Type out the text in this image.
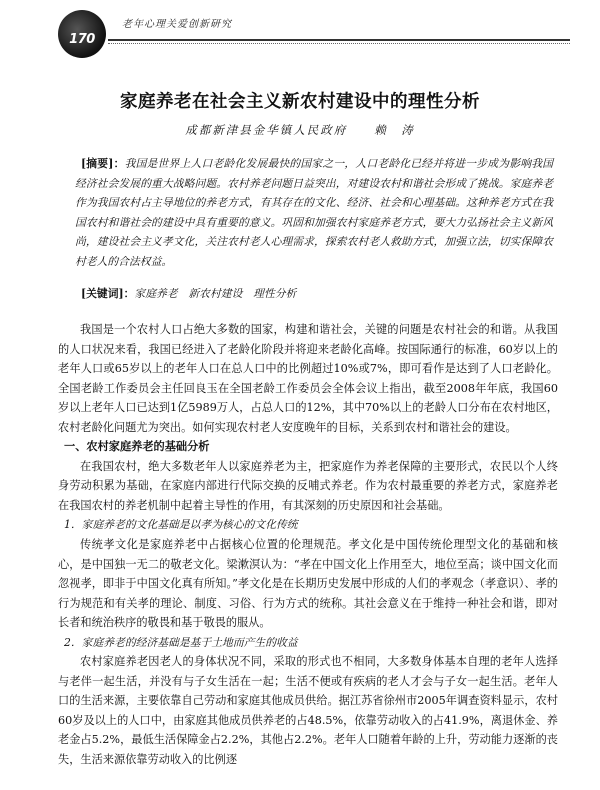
170
老年心理关爱创新研究
家庭养老在社会主义新农村建设中的理性分析
成都新津县金华镇人民政府　　赖　涛
[摘要]：我国是世界上人口老龄化发展最快的国家之一，人口老龄化已经并将进一步成为影响我国经济社会发展的重大战略问题。农村养老问题日益突出，对建设农村和谐社会形成了挑战。家庭养老作为我国农村占主导地位的养老方式，有其存在的文化、经济、社会和心理基础。这种养老方式在我国农村和谐社会的建设中具有重要的意义。巩固和加强农村家庭养老方式，要大力弘扬社会主义新风尚，建设社会主义孝文化，关注农村老人心理需求，探索农村老人救助方式，加强立法，切实保障农村老人的合法权益。
[关键词]：家庭养老　新农村建设　理性分析

我国是一个农村人口占绝大多数的国家，构建和谐社会，关键的问题是农村社会的和谐。从我国的人口状况来看，我国已经进入了老龄化阶段并将迎来老龄化高峰。按国际通行的标准，60岁以上的老年人口或65岁以上的老年人口在总人口中的比例超过10%或7%，即可看作是达到了人口老龄化。全国老龄工作委员会主任回良玉在全国老龄工作委员会全体会议上指出，截至2008年年底，我国60岁以上老年人口已达到1亿5989万人，占总人口的12%，其中70%以上的老龄人口分布在农村地区，农村老龄化问题尤为突出。如何实现农村老人安度晚年的目标，关系到农村和谐社会的建设。

一、农村家庭养老的基础分析

在我国农村，绝大多数老年人以家庭养老为主，把家庭作为养老保障的主要形式，农民以个人终身劳动积累为基础，在家庭内部进行代际交换的反哺式养老。作为农村最重要的养老方式，家庭养老在我国农村的养老机制中起着主导性的作用，有其深刻的历史原因和社会基础。

1．家庭养老的文化基础是以孝为核心的文化传统

传统孝文化是家庭养老中占据核心位置的伦理规范。孝文化是中国传统伦理型文化的基础和核心，是中国独一无二的敬老文化。梁漱溟认为：“孝在中国文化上作用至大，地位至高；谈中国文化而忽视孝，即非于中国文化真有所知。”孝文化是在长期历史发展中形成的人们的孝观念（孝意识）、孝的行为规范和有关孝的理论、制度、习俗、行为方式的统称。其社会意义在于维持一种社会和谐，即对长者和统治秩序的敬畏和基于敬畏的服从。

2．家庭养老的经济基础是基于土地而产生的收益

农村家庭养老因老人的身体状况不同，采取的形式也不相同，大多数身体基本自理的老年人选择与老伴一起生活，并没有与子女生活在一起；生活不便或有疾病的老人才会与子女一起生活。老年人口的生活来源，主要依靠自己劳动和家庭其他成员供给。据江苏省徐州市2005年调查资料显示，农村60岁及以上的人口中，由家庭其他成员供养老的占48.5%，依靠劳动收入的占41.9%，离退休金、养老金占5.2%，最低生活保障金占2.2%，其他占2.2%。老年人口随着年龄的上升，劳动能力逐渐的丧失，生活来源依靠劳动收入的比例逐
